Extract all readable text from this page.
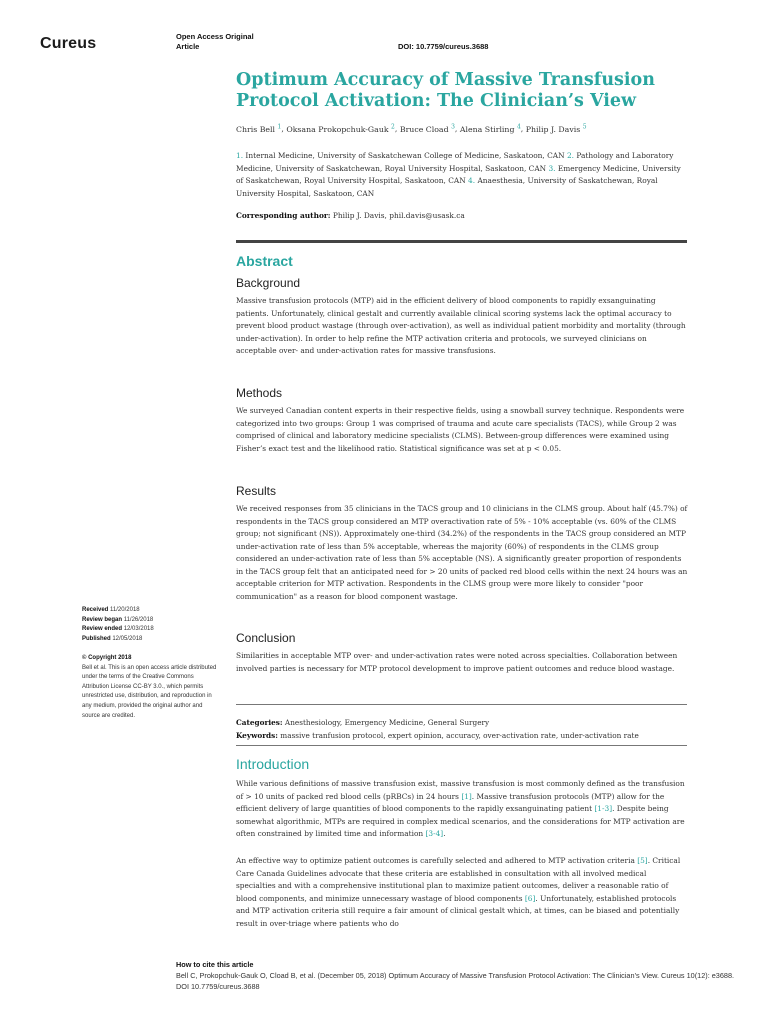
Cureus	Open Access Original
Article	DOI: 10.7759/cureus.3688
Optimum Accuracy of Massive Transfusion Protocol Activation: The Clinician’s View
Chris Bell $^1$, Oksana Prokopchuk-Gauk $^2$, Bruce Cload $^3$, Alena Stirling $^4$, Philip J. Davis $^5$
1. Internal Medicine, University of Saskatchewan College of Medicine, Saskatoon, CAN 2. Pathology and Laboratory Medicine, University of Saskatchewan, Royal University Hospital, Saskatoon, CAN 3. Emergency Medicine, University of Saskatchewan, Royal University Hospital, Saskatoon, CAN 4. Anaesthesia, University of Saskatchewan, Royal University Hospital, Saskatoon, CAN
Corresponding author: Philip J. Davis, phil.davis@usask.ca
Abstract
Background
Massive transfusion protocols (MTP) aid in the efficient delivery of blood components to rapidly exsanguinating patients. Unfortunately, clinical gestalt and currently available clinical scoring systems lack the optimal accuracy to prevent blood product wastage (through over-activation), as well as individual patient morbidity and mortality (through under-activation). In order to help refine the MTP activation criteria and protocols, we surveyed clinicians on acceptable over- and under-activation rates for massive transfusions.
Methods
We surveyed Canadian content experts in their respective fields, using a snowball survey technique. Respondents were categorized into two groups: Group 1 was comprised of trauma and acute care specialists (TACS), while Group 2 was comprised of clinical and laboratory medicine specialists (CLMS). Between-group differences were examined using Fisher’s exact test and the likelihood ratio. Statistical significance was set at p < 0.05.
Results
We received responses from 35 clinicians in the TACS group and 10 clinicians in the CLMS group. About half (45.7%) of respondents in the TACS group considered an MTP overactivation rate of 5% - 10% acceptable (vs. 60% of the CLMS group; not significant (NS)). Approximately one-third (34.2%) of the respondents in the TACS group considered an MTP under-activation rate of less than 5% acceptable, whereas the majority (60%) of respondents in the CLMS group considered an under-activation rate of less than 5% acceptable (NS). A significantly greater proportion of respondents in the TACS group felt that an anticipated need for > 20 units of packed red blood cells within the next 24 hours was an acceptable criterion for MTP activation. Respondents in the CLMS group were more likely to consider "poor communication" as a reason for blood component wastage.
Conclusion
Similarities in acceptable MTP over- and under-activation rates were noted across specialties. Collaboration between involved parties is necessary for MTP protocol development to improve patient outcomes and reduce blood wastage.
Received 11/20/2018
Review began 11/26/2018
Review ended 12/03/2018
Published 12/05/2018
© Copyright 2018
Bell et al. This is an open access article distributed under the terms of the Creative Commons Attribution License CC-BY 3.0., which permits unrestricted use, distribution, and reproduction in any medium, provided the original author and source are credited.
Categories: Anesthesiology, Emergency Medicine, General Surgery
Keywords: massive tranfusion protocol, expert opinion, accuracy, over-activation rate, under-activation rate
Introduction
While various definitions of massive transfusion exist, massive transfusion is most commonly defined as the transfusion of > 10 units of packed red blood cells (pRBCs) in 24 hours [1]. Massive transfusion protocols (MTP) allow for the efficient delivery of large quantities of blood components to the rapidly exsanguinating patient [1-3]. Despite being somewhat algorithmic, MTPs are required in complex medical scenarios, and the considerations for MTP activation are often constrained by limited time and information [3-4].
An effective way to optimize patient outcomes is carefully selected and adhered to MTP activation criteria [5]. Critical Care Canada Guidelines advocate that these criteria are established in consultation with all involved medical specialties and with a comprehensive institutional plan to maximize patient outcomes, deliver a reasonable ratio of blood components, and minimize unnecessary wastage of blood components [6]. Unfortunately, established protocols and MTP activation criteria still require a fair amount of clinical gestalt which, at times, can be biased and potentially result in over-triage where patients who do
How to cite this article
Bell C, Prokopchuk-Gauk O, Cload B, et al. (December 05, 2018) Optimum Accuracy of Massive Transfusion Protocol Activation: The Clinician’s View. Cureus 10(12): e3688. DOI 10.7759/cureus.3688
